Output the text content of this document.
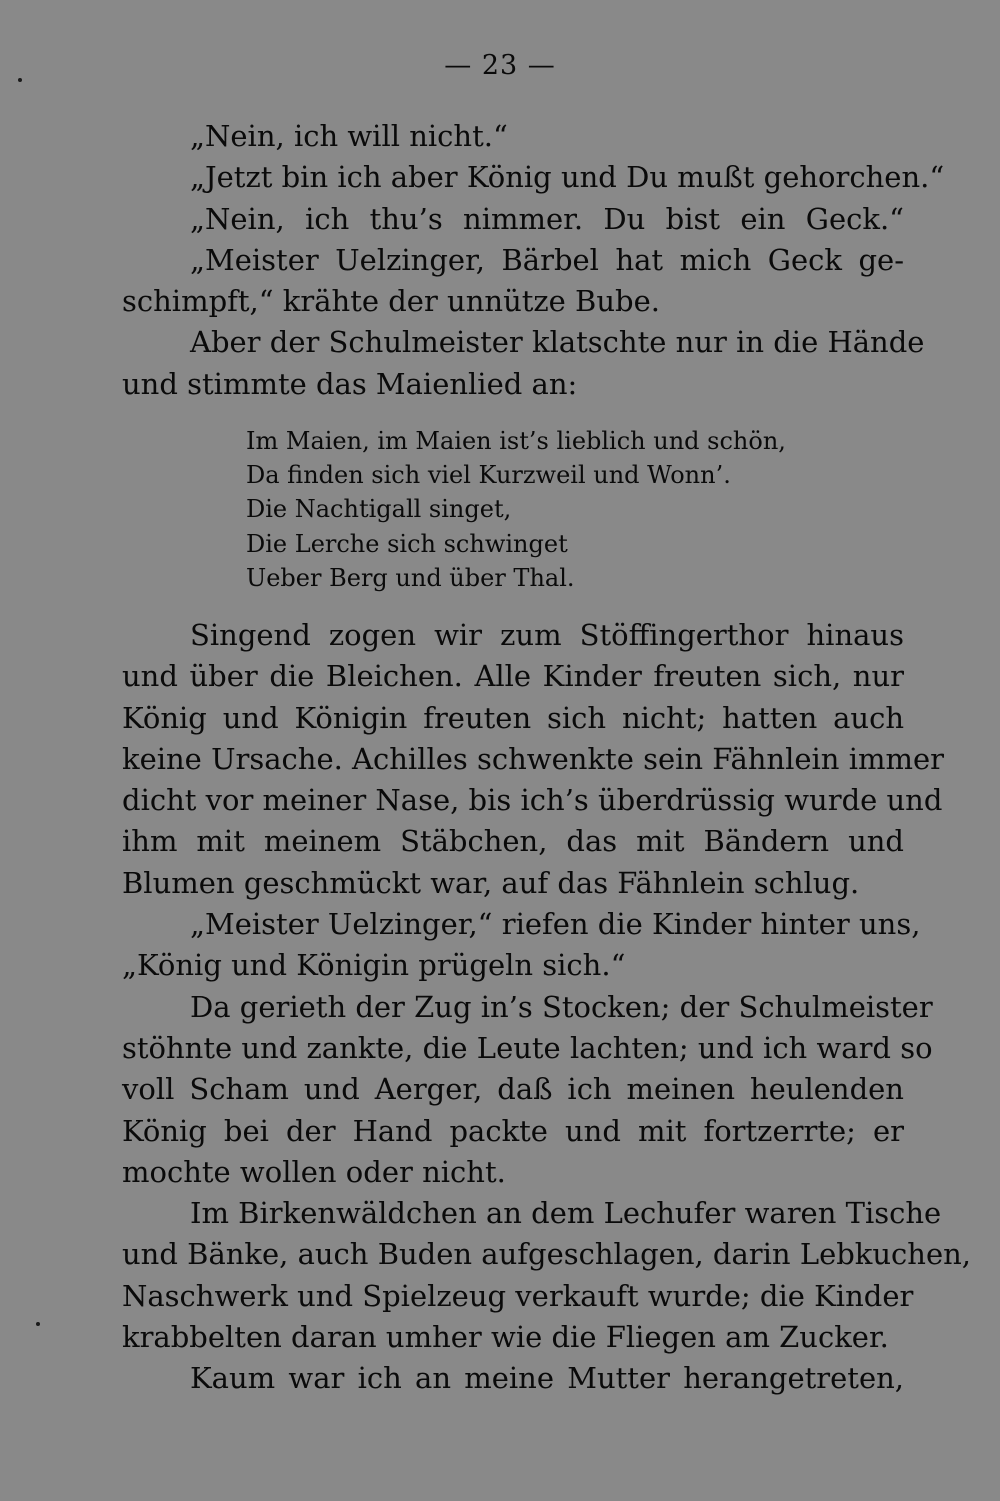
— 23 —
„Nein, ich will nicht.“
„Jetzt bin ich aber König und Du mußt gehorchen.“
„Nein, ich thu’s nimmer. Du bist ein Geck.“
„Meister Uelzinger, Bärbel hat mich Geck ge-
schimpft,“ krähte der unnütze Bube.
Aber der Schulmeister klatschte nur in die Hände
und stimmte das Maienlied an:
Im Maien, im Maien ist’s lieblich und schön,
Da finden sich viel Kurzweil und Wonn’.
Die Nachtigall singet,
Die Lerche sich schwinget
Ueber Berg und über Thal.
Singend zogen wir zum Stöffingerthor hinaus
und über die Bleichen. Alle Kinder freuten sich, nur
König und Königin freuten sich nicht; hatten auch
keine Ursache. Achilles schwenkte sein Fähnlein immer
dicht vor meiner Nase, bis ich’s überdrüssig wurde und
ihm mit meinem Stäbchen, das mit Bändern und
Blumen geschmückt war, auf das Fähnlein schlug.
„Meister Uelzinger,“ riefen die Kinder hinter uns,
„König und Königin prügeln sich.“
Da gerieth der Zug in’s Stocken; der Schulmeister
stöhnte und zankte, die Leute lachten; und ich ward so
voll Scham und Aerger, daß ich meinen heulenden
König bei der Hand packte und mit fortzerrte; er
mochte wollen oder nicht.
Im Birkenwäldchen an dem Lechufer waren Tische
und Bänke, auch Buden aufgeschlagen, darin Lebkuchen,
Naschwerk und Spielzeug verkauft wurde; die Kinder
krabbelten daran umher wie die Fliegen am Zucker.
Kaum war ich an meine Mutter herangetreten,
